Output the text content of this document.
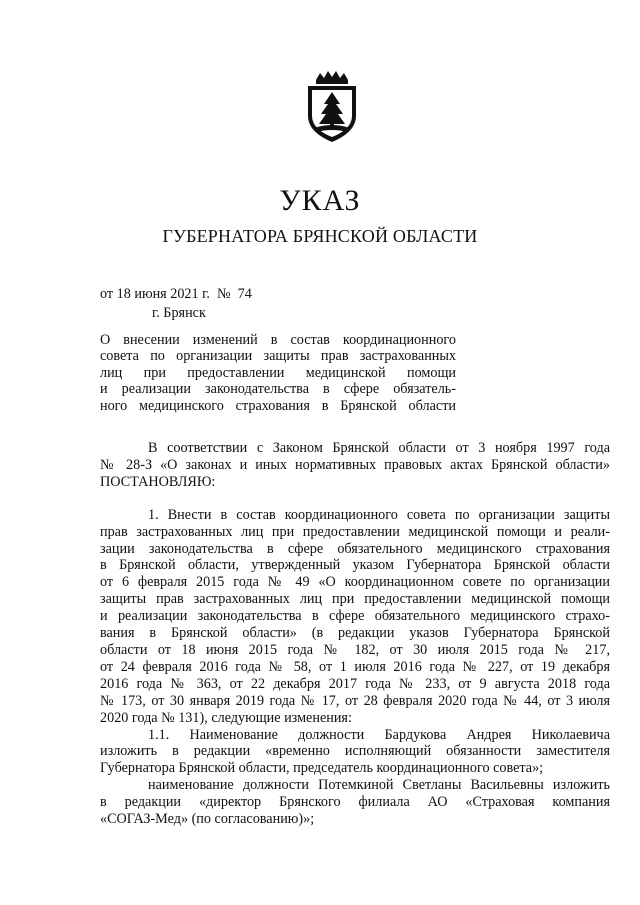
УКАЗ
ГУБЕРНАТОРА БРЯНСКОЙ ОБЛАСТИ
от 18 июня 2021 г.  №  74
г. Брянск
О внесении изменений в состав координационного
совета по организации защиты прав застрахованных
лиц при предоставлении медицинской помощи
и реализации законодательства в сфере обязатель-
ного медицинского страхования в Брянской области
В соответствии с Законом Брянской области от 3 ноября 1997 года
№ 28-З «О законах и иных нормативных правовых актах Брянской области»
ПОСТАНОВЛЯЮ:
1. Внести в состав координационного совета по организации защиты
прав застрахованных лиц при предоставлении медицинской помощи и реали-
зации законодательства в сфере обязательного медицинского страхования
в Брянской области, утвержденный указом Губернатора Брянской области
от 6 февраля 2015 года № 49 «О координационном совете по организации
защиты прав застрахованных лиц при предоставлении медицинской помощи
и реализации законодательства в сфере обязательного медицинского страхо-
вания в Брянской области» (в редакции указов Губернатора Брянской
области от 18 июня 2015 года № 182, от 30 июля 2015 года № 217,
от 24 февраля 2016 года № 58, от 1 июля 2016 года № 227, от 19 декабря
2016 года № 363, от 22 декабря 2017 года № 233, от 9 августа 2018 года
№ 173, от 30 января 2019 года № 17, от 28 февраля 2020 года № 44, от 3 июля
2020 года № 131), следующие изменения:
1.1. Наименование должности Бардукова Андрея Николаевича
изложить в редакции «временно исполняющий обязанности заместителя
Губернатора Брянской области, председатель координационного совета»;
наименование должности Потемкиной Светланы Васильевны изложить
в редакции «директор Брянского филиала АО «Страховая компания
«СОГАЗ-Мед» (по согласованию)»;
